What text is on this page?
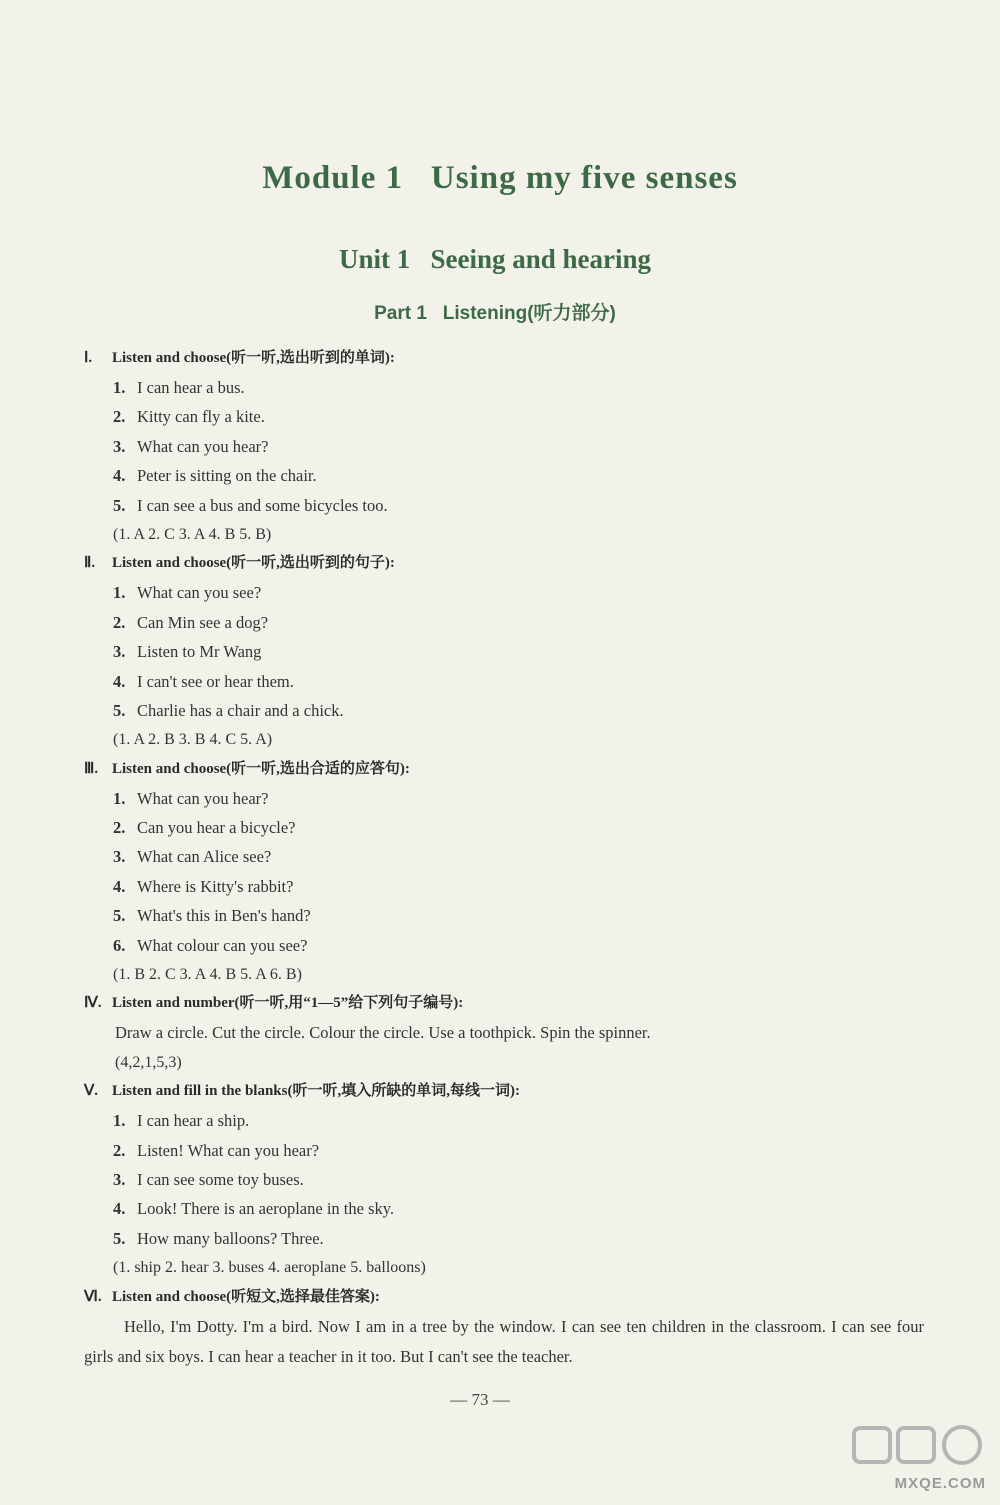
Module 1   Using my five senses
Unit 1   Seeing and hearing
Part 1   Listening(听力部分)
Ⅰ. Listen and choose(听一听,选出听到的单词):
1. I can hear a bus.
2. Kitty can fly a kite.
3. What can you hear?
4. Peter is sitting on the chair.
5. I can see a bus and some bicycles too.
(1. A 2. C 3. A 4. B 5. B)
Ⅱ. Listen and choose(听一听,选出听到的句子):
1. What can you see?
2. Can Min see a dog?
3. Listen to Mr Wang
4. I can't see or hear them.
5. Charlie has a chair and a chick.
(1. A 2. B 3. B 4. C 5. A)
Ⅲ. Listen and choose(听一听,选出合适的应答句):
1. What can you hear?
2. Can you hear a bicycle?
3. What can Alice see?
4. Where is Kitty's rabbit?
5. What's this in Ben's hand?
6. What colour can you see?
(1. B 2. C 3. A 4. B 5. A 6. B)
Ⅳ. Listen and number(听一听,用“1—5”给下列句子编号):
Draw a circle. Cut the circle. Colour the circle. Use a toothpick. Spin the spinner.
(4,2,1,5,3)
Ⅴ. Listen and fill in the blanks(听一听,填入所缺的单词,每线一词):
1. I can hear a ship.
2. Listen! What can you hear?
3. I can see some toy buses.
4. Look! There is an aeroplane in the sky.
5. How many balloons? Three.
(1. ship 2. hear 3. buses 4. aeroplane 5. balloons)
Ⅵ. Listen and choose(听短文,选择最佳答案):
Hello, I'm Dotty. I'm a bird. Now I am in a tree by the window. I can see ten children in the classroom. I can see four girls and six boys. I can hear a teacher in it too. But I can't see the teacher.
— 73 —
MXQE.COM
